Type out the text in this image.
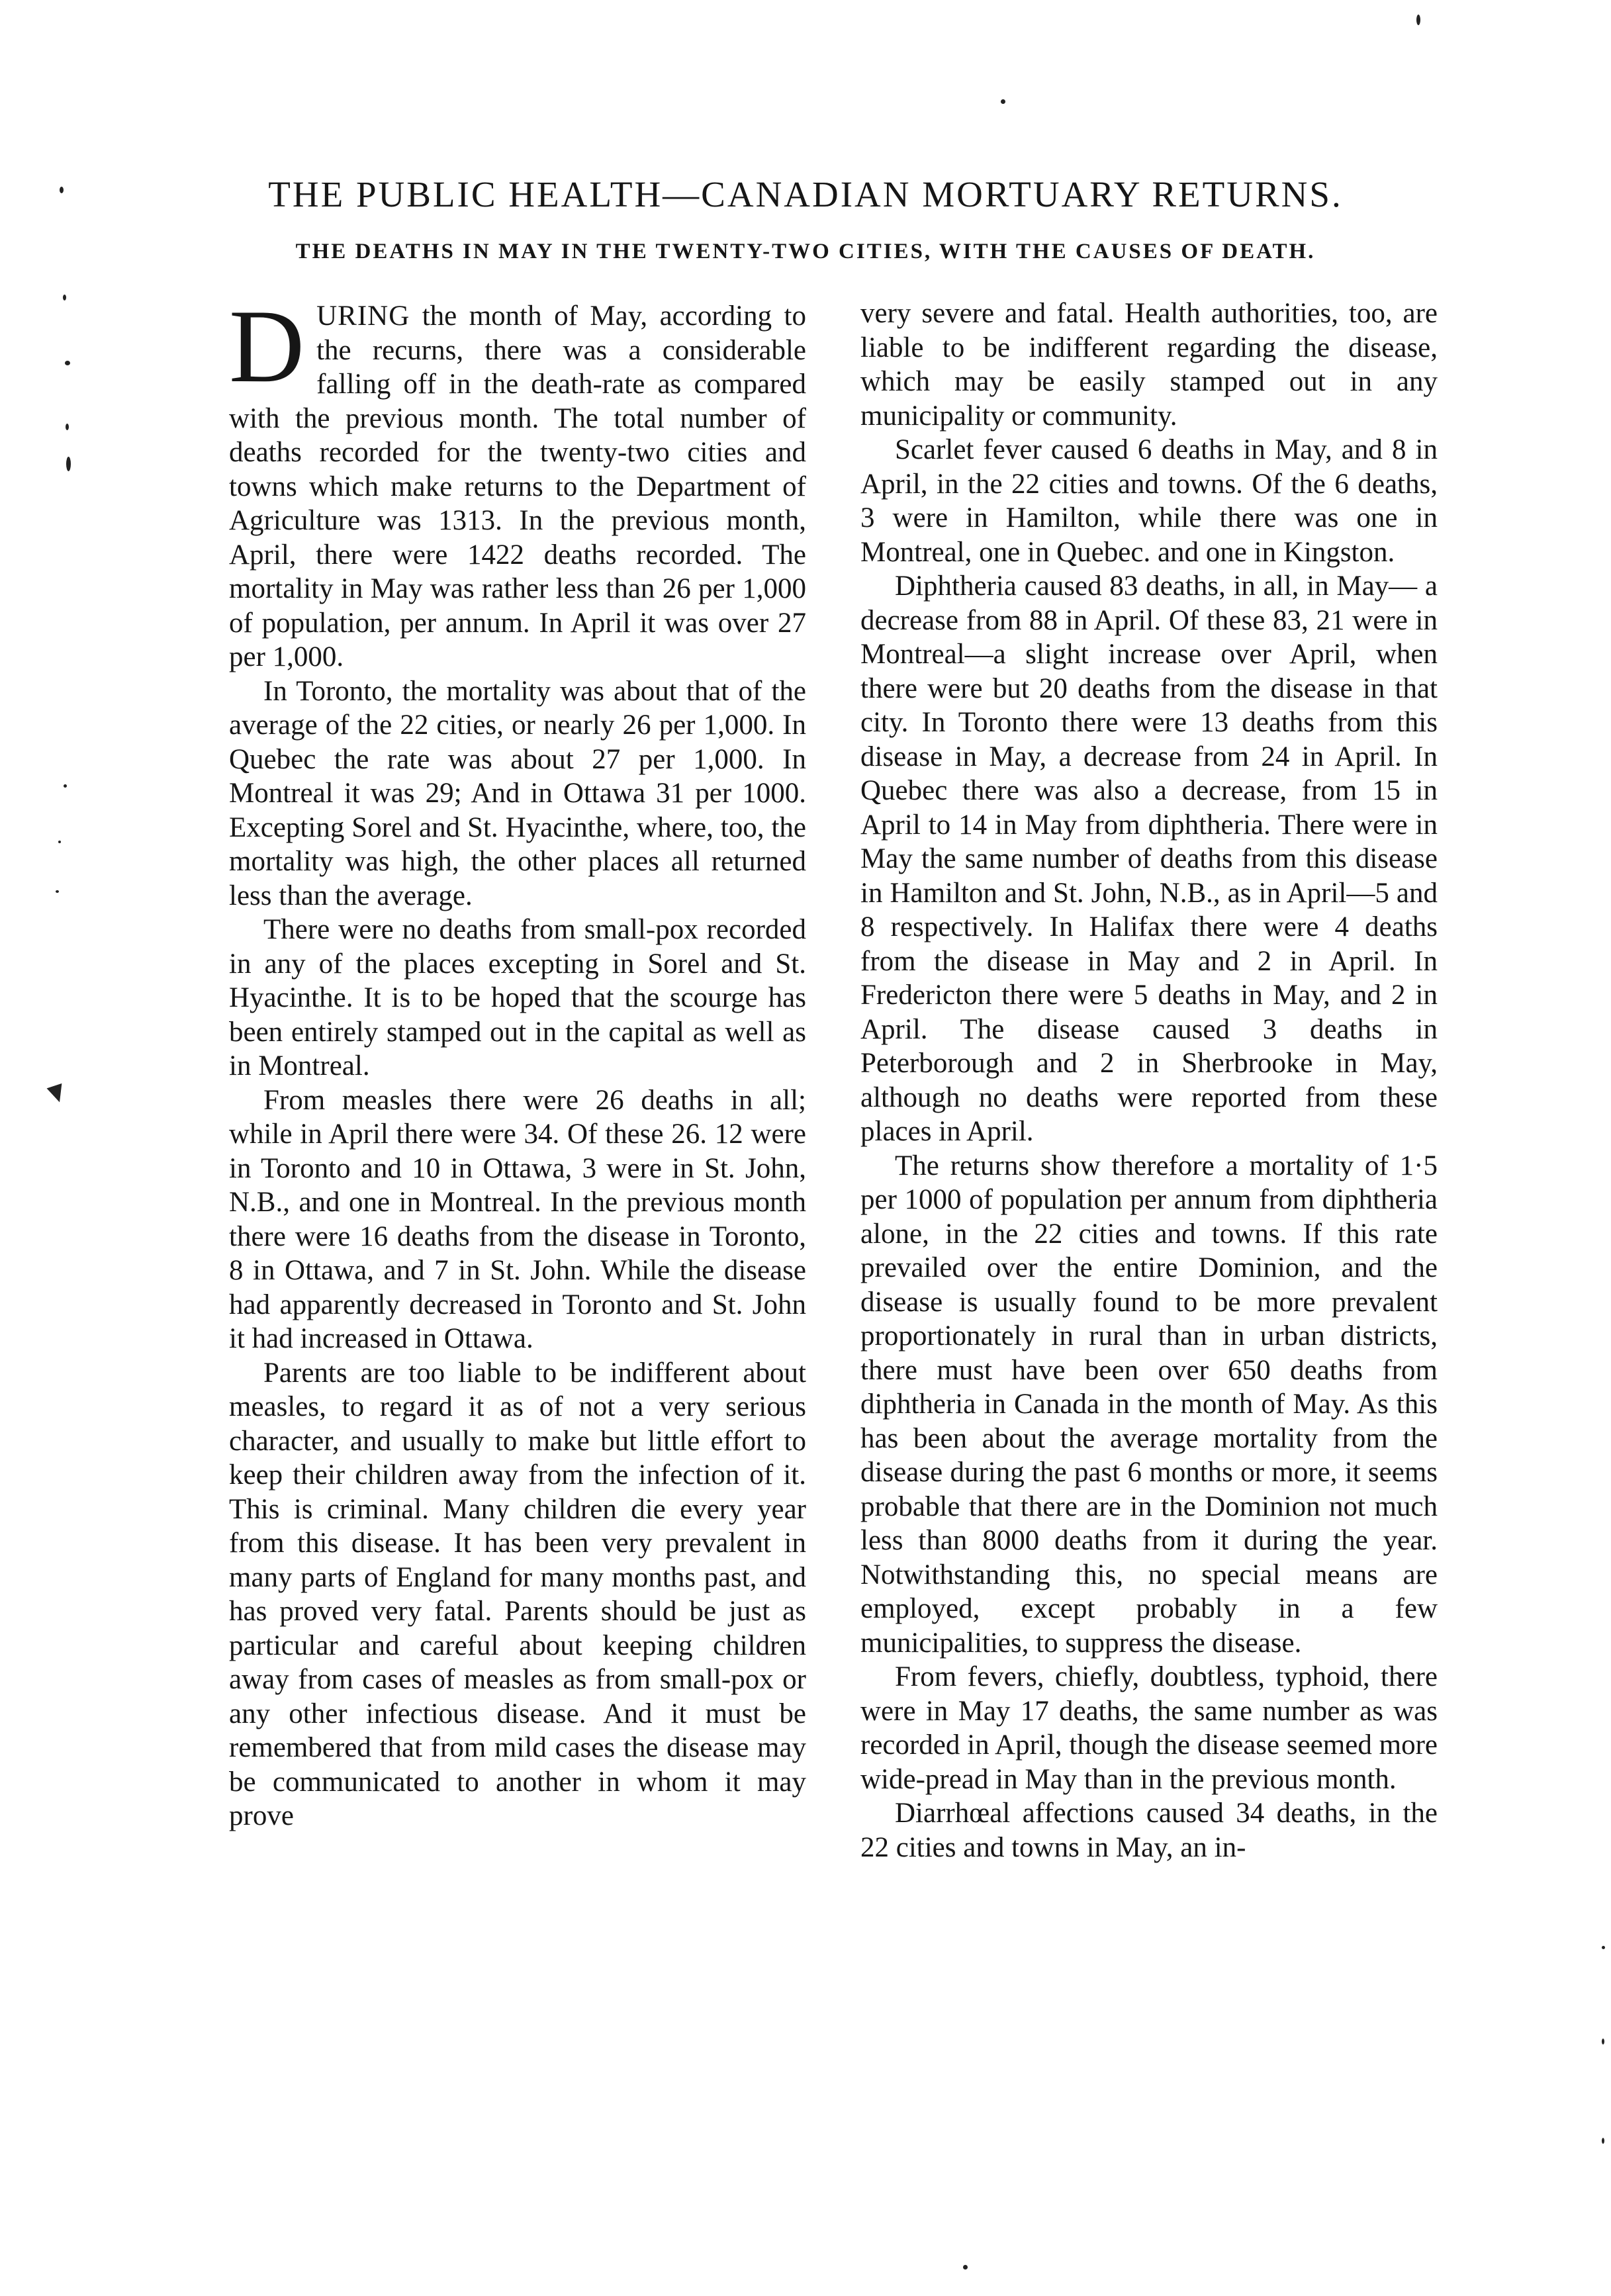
THE PUBLIC HEALTH—CANADIAN MORTUARY RETURNS.
THE DEATHS IN MAY IN THE TWENTY-TWO CITIES, WITH THE CAUSES OF DEATH.

DURING the month of May, according to the recurns, there was a considerable falling off in the death-rate as compared with the previous month. The total number of deaths recorded for the twenty-two cities and towns which make returns to the Department of Agriculture was 1313. In the previous month, April, there were 1422 deaths recorded. The mortality in May was rather less than 26 per 1,000 of population, per annum. In April it was over 27 per 1,000.

In Toronto, the mortality was about that of the average of the 22 cities, or nearly 26 per 1,000. In Quebec the rate was about 27 per 1,000. In Montreal it was 29; And in Ottawa 31 per 1000. Excepting Sorel and St. Hyacinthe, where, too, the mortality was high, the other places all returned less than the average.

There were no deaths from small-pox recorded in any of the places excepting in Sorel and St. Hyacinthe. It is to be hoped that the scourge has been entirely stamped out in the capital as well as in Montreal.

From measles there were 26 deaths in all; while in April there were 34. Of these 26. 12 were in Toronto and 10 in Ottawa, 3 were in St. John, N.B., and one in Montreal. In the previous month there were 16 deaths from the disease in Toronto, 8 in Ottawa, and 7 in St. John. While the disease had apparently decreased in Toronto and St. John it had increased in Ottawa.

Parents are too liable to be indifferent about measles, to regard it as of not a very serious character, and usually to make but little effort to keep their children away from the infection of it. This is criminal. Many children die every year from this disease. It has been very prevalent in many parts of England for many months past, and has proved very fatal. Parents should be just as particular and careful about keeping children away from cases of measles as from small-pox or any other infectious disease. And it must be remembered that from mild cases the disease may be communicated to another in whom it may prove

very severe and fatal. Health authorities, too, are liable to be indifferent regarding the disease, which may be easily stamped out in any municipality or community.

Scarlet fever caused 6 deaths in May, and 8 in April, in the 22 cities and towns. Of the 6 deaths, 3 were in Hamilton, while there was one in Montreal, one in Quebec. and one in Kingston.

Diphtheria caused 83 deaths, in all, in May— a decrease from 88 in April. Of these 83, 21 were in Montreal—a slight increase over April, when there were but 20 deaths from the disease in that city. In Toronto there were 13 deaths from this disease in May, a decrease from 24 in April. In Quebec there was also a decrease, from 15 in April to 14 in May from diphtheria. There were in May the same number of deaths from this disease in Hamilton and St. John, N.B., as in April—5 and 8 respectively. In Halifax there were 4 deaths from the disease in May and 2 in April. In Fredericton there were 5 deaths in May, and 2 in April. The disease caused 3 deaths in Peterborough and 2 in Sherbrooke in May, although no deaths were reported from these places in April.

The returns show therefore a mortality of 1·5 per 1000 of population per annum from diphtheria alone, in the 22 cities and towns. If this rate prevailed over the entire Dominion, and the disease is usually found to be more prevalent proportionately in rural than in urban districts, there must have been over 650 deaths from diphtheria in Canada in the month of May. As this has been about the average mortality from the disease during the past 6 months or more, it seems probable that there are in the Dominion not much less than 8000 deaths from it during the year. Notwithstanding this, no special means are employed, except probably in a few municipalities, to suppress the disease.

From fevers, chiefly, doubtless, typhoid, there were in May 17 deaths, the same number as was recorded in April, though the disease seemed more wide-pread in May than in the previous month.

Diarrhœal affections caused 34 deaths, in the 22 cities and towns in May, an in-
